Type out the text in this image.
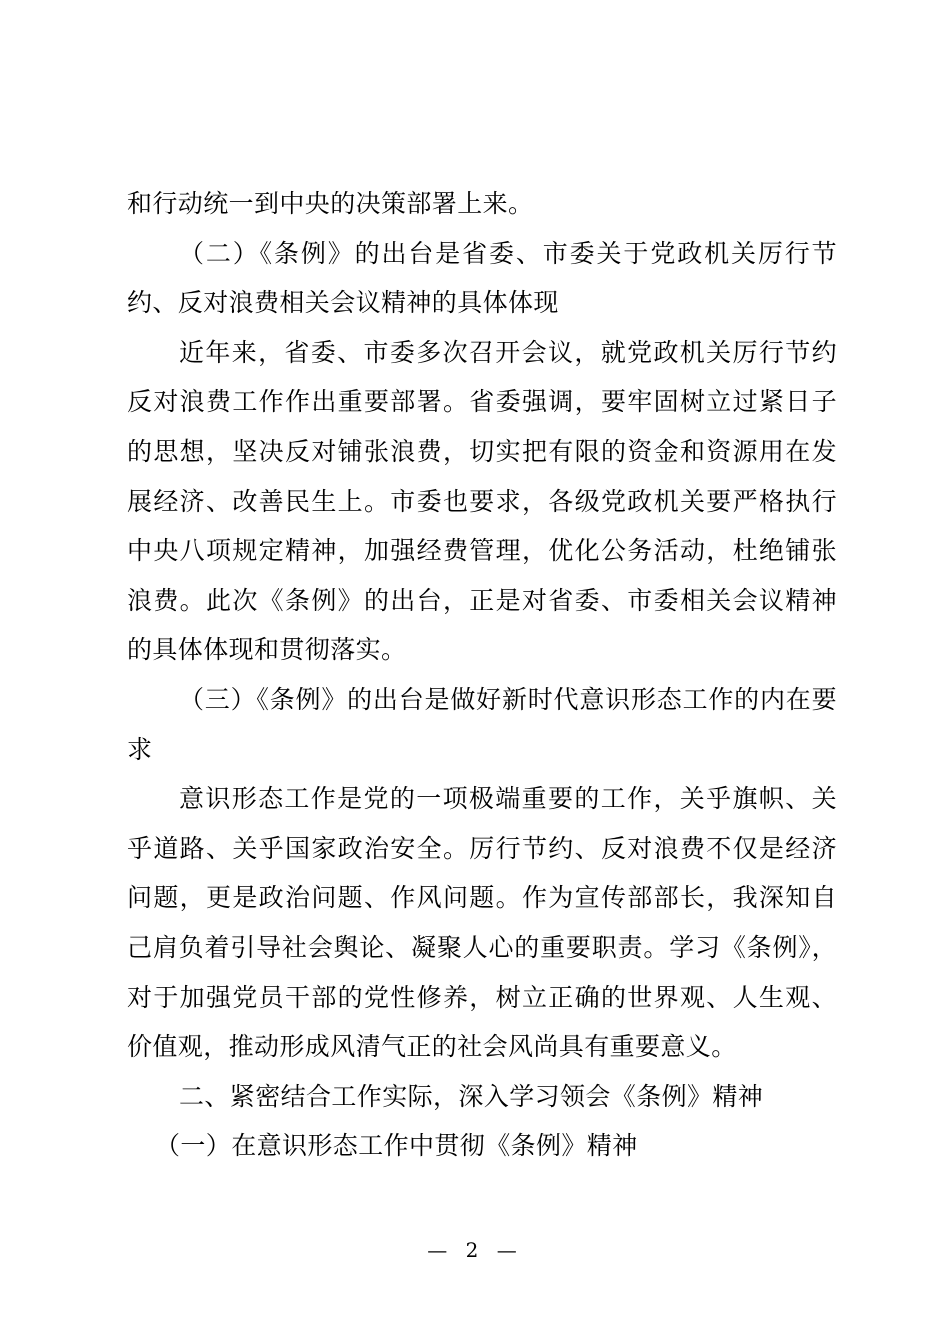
和行动统一到中央的决策部署上来。

（二）《条例》的出台是省委、市委关于党政机关厉行节约、反对浪费相关会议精神的具体体现

近年来，省委、市委多次召开会议，就党政机关厉行节约反对浪费工作作出重要部署。省委强调，要牢固树立过紧日子的思想，坚决反对铺张浪费，切实把有限的资金和资源用在发展经济、改善民生上。市委也要求，各级党政机关要严格执行中央八项规定精神，加强经费管理，优化公务活动，杜绝铺张浪费。此次《条例》的出台，正是对省委、市委相关会议精神的具体体现和贯彻落实。

（三）《条例》的出台是做好新时代意识形态工作的内在要求

意识形态工作是党的一项极端重要的工作，关乎旗帜、关乎道路、关乎国家政治安全。厉行节约、反对浪费不仅是经济问题，更是政治问题、作风问题。作为宣传部部长，我深知自己肩负着引导社会舆论、凝聚人心的重要职责。学习《条例》，对于加强党员干部的党性修养，树立正确的世界观、人生观、价值观，推动形成风清气正的社会风尚具有重要意义。

二、紧密结合工作实际，深入学习领会《条例》精神

（一）在意识形态工作中贯彻《条例》精神

— 2 —
